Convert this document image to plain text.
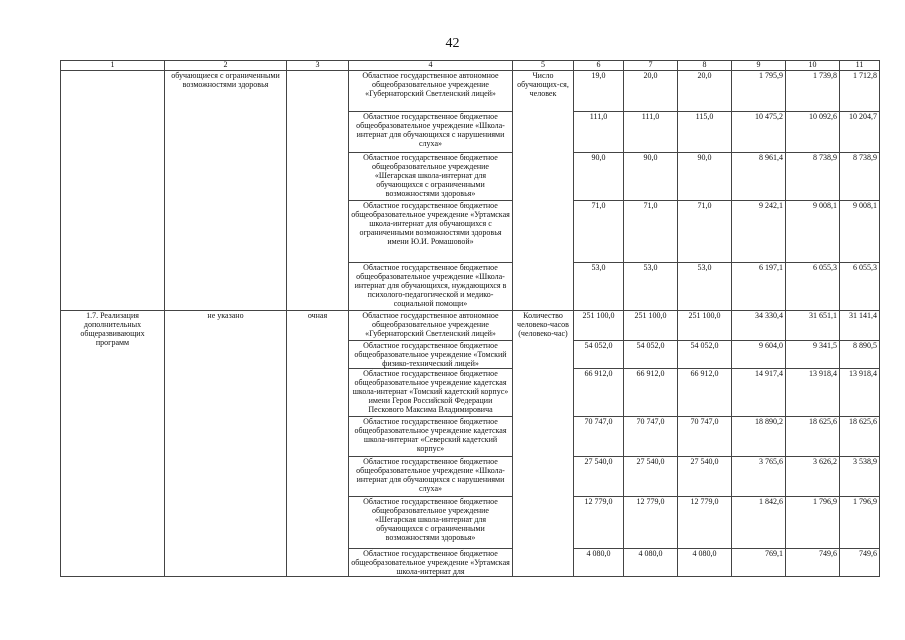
42
1	2	3	4	5	6	7	8	9	10	11
	обучающиеся с ограниченными возможностями здоровья		Областное государственное автономное общеобразовательное учреждение «Губернаторский Светленский лицей»	Число обучающих-ся, человек	19,0	20,0	20,0	1 795,9	1 739,8	1 712,8
			Областное государственное бюджетное общеобразовательное учреждение «Школа-интернат для обучающихся с нарушениями слуха»		111,0	111,0	115,0	10 475,2	10 092,6	10 204,7
			Областное государственное бюджетное общеобразовательное учреждение «Шегарская школа-интернат для обучающихся с ограниченными возможностями здоровья»		90,0	90,0	90,0	8 961,4	8 738,9	8 738,9
			Областное государственное бюджетное общеобразовательное учреждение «Уртамская школа-интернат для обучающихся с ограниченными возможностями здоровья имени Ю.И. Ромашовой»		71,0	71,0	71,0	9 242,1	9 008,1	9 008,1
			Областное государственное бюджетное общеобразовательное учреждение «Школа-интернат для обучающихся, нуждающихся в психолого-педагогической и медико-социальной помощи»		53,0	53,0	53,0	6 197,1	6 055,3	6 055,3
1.7. Реализация дополнительных общеразвивающих программ	не указано	очная	Областное государственное автономное общеобразовательное учреждение «Губернаторский Светленский лицей»	Количество человеко-часов (человеко-час)	251 100,0	251 100,0	251 100,0	34 330,4	31 651,1	31 141,4
			Областное государственное бюджетное общеобразовательное учреждение «Томский физико-технический лицей»		54 052,0	54 052,0	54 052,0	9 604,0	9 341,5	8 890,5
			Областное государственное бюджетное общеобразовательное учреждение кадетская школа-интернат «Томский кадетский корпус» имени Героя Российской Федерации Пескового Максима Владимировича		66 912,0	66 912,0	66 912,0	14 917,4	13 918,4	13 918,4
			Областное государственное бюджетное общеобразовательное учреждение кадетская школа-интернат «Северский кадетский корпус»		70 747,0	70 747,0	70 747,0	18 890,2	18 625,6	18 625,6
			Областное государственное бюджетное общеобразовательное учреждение «Школа-интернат для обучающихся с нарушениями слуха»		27 540,0	27 540,0	27 540,0	3 765,6	3 626,2	3 538,9
			Областное государственное бюджетное общеобразовательное учреждение «Шегарская школа-интернат для обучающихся с ограниченными возможностями здоровья»		12 779,0	12 779,0	12 779,0	1 842,6	1 796,9	1 796,9
			Областное государственное бюджетное общеобразовательное учреждение «Уртамская школа-интернат для		4 080,0	4 080,0	4 080,0	769,1	749,6	749,6
